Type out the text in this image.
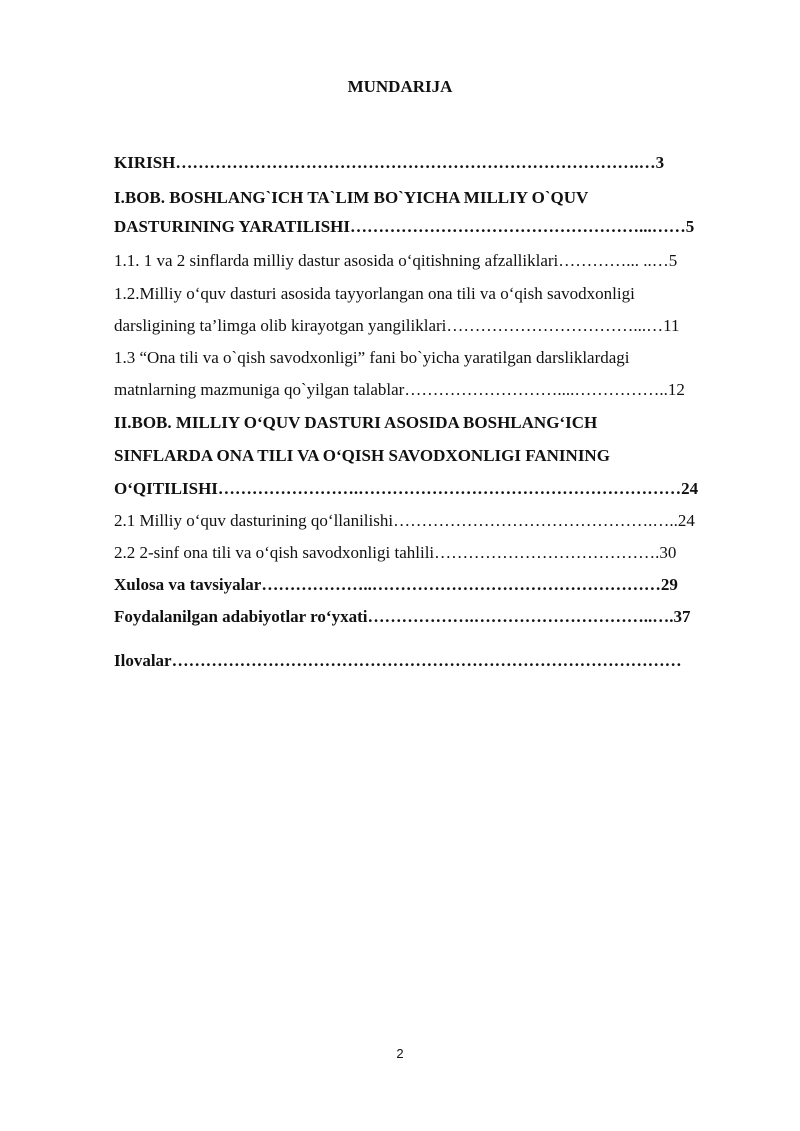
MUNDARIJA
KIRISH……………………………………………………………………….…3
I.BOB. BOSHLANG`ICH TA`LIM BO`YICHA MILLIY O`QUV
DASTURINING YARATILISHI……………………………………………...……5
1.1. 1 va 2 sinflarda milliy dastur asosida o‘qitishning afzalliklari…………... ..…5
1.2.Milliy o‘quv dasturi asosida tayyorlangan ona tili va o‘qish savodxonligi
darsligining ta’limga olib kirayotgan yangiliklari……………………………...…11
1.3 “Ona tili va o`qish savodxonligi” fani bo`yicha yaratilgan darsliklardagi
matnlarning mazmuniga qo`yilgan talablar………………………....……………..12
II.BOB. MILLIY O‘QUV DASTURI ASOSIDA BOSHLANG‘ICH
SINFLARDA ONA TILI VA O‘QISH SAVODXONLIGI FANINING
O‘QITILISHI…………………….…………………………………………………24
2.1 Milliy o‘quv dasturining qo‘llanilishi……………………………………….…..24
2.2 2-sinf ona tili va o‘qish savodxonligi tahlili………………………………….30
Xulosa va tavsiyalar………………..……………………………………………29
Foydalanilgan adabiyotlar ro‘yxati……………….…………………………..….37
Ilovalar………………………………………………………………………………
2
